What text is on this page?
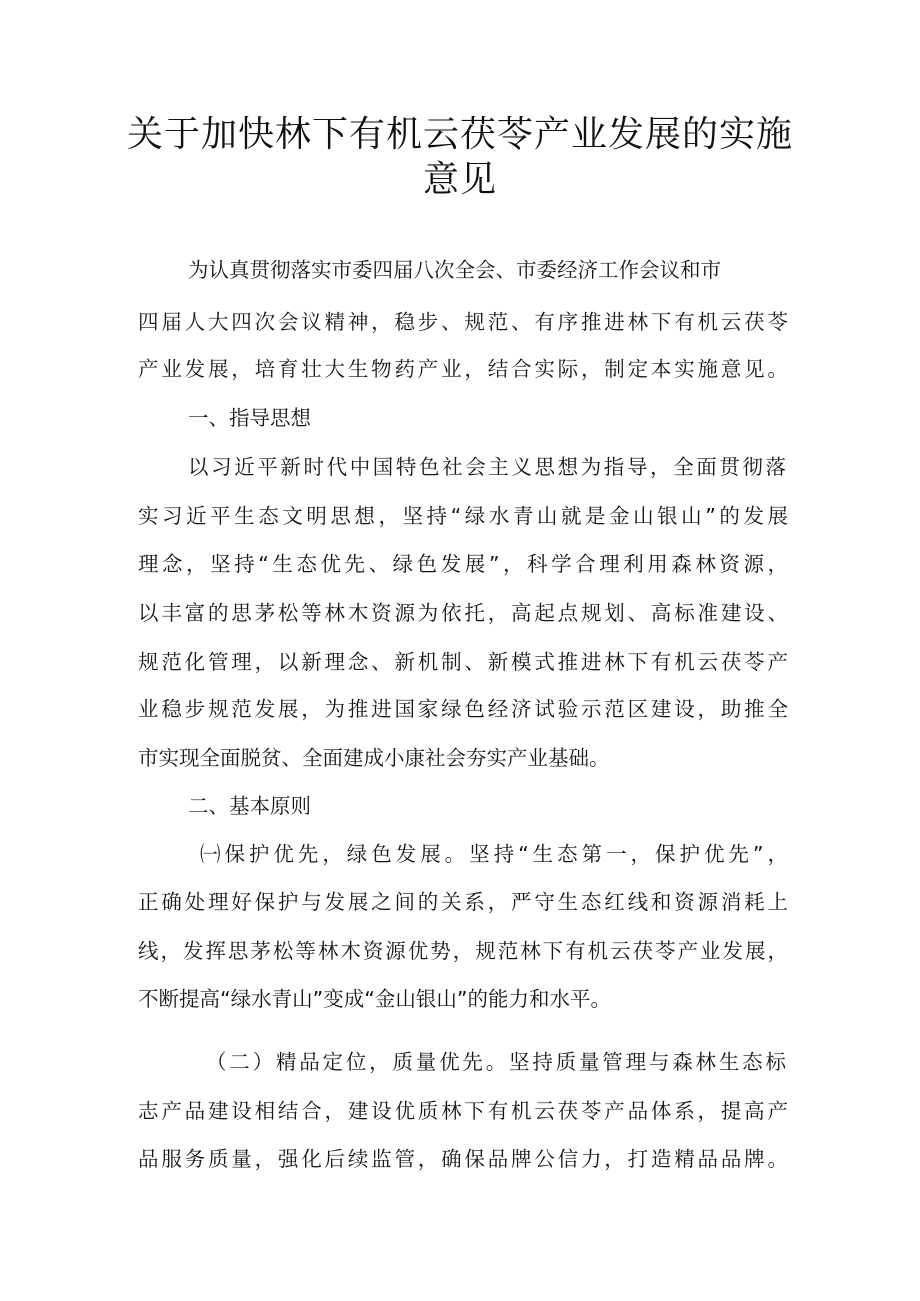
关于加快林下有机云茯苓产业发展的实施
意见
为认真贯彻落实市委四届八次全会、市委经济工作会议和市
四届人大四次会议精神，稳步、规范、有序推进林下有机云茯苓
产业发展，培育壮大生物药产业，结合实际，制定本实施意见。
一、指导思想
以习近平新时代中国特色社会主义思想为指导，全面贯彻落
实习近平生态文明思想，坚持“绿水青山就是金山银山”的发展
理念，坚持“生态优先、绿色发展”，科学合理利用森林资源，
以丰富的思茅松等林木资源为依托，高起点规划、高标准建设、
规范化管理，以新理念、新机制、新模式推进林下有机云茯苓产
业稳步规范发展，为推进国家绿色经济试验示范区建设，助推全
市实现全面脱贫、全面建成小康社会夯实产业基础。
二、基本原则
㈠保护优先，绿色发展。坚持“生态第一，保护优先”，
正确处理好保护与发展之间的关系，严守生态红线和资源消耗上
线，发挥思茅松等林木资源优势，规范林下有机云茯苓产业发展，
不断提高“绿水青山”变成“金山银山”的能力和水平。
（二）精品定位，质量优先。坚持质量管理与森林生态标
志产品建设相结合，建设优质林下有机云茯苓产品体系，提高产
品服务质量，强化后续监管，确保品牌公信力，打造精品品牌。
